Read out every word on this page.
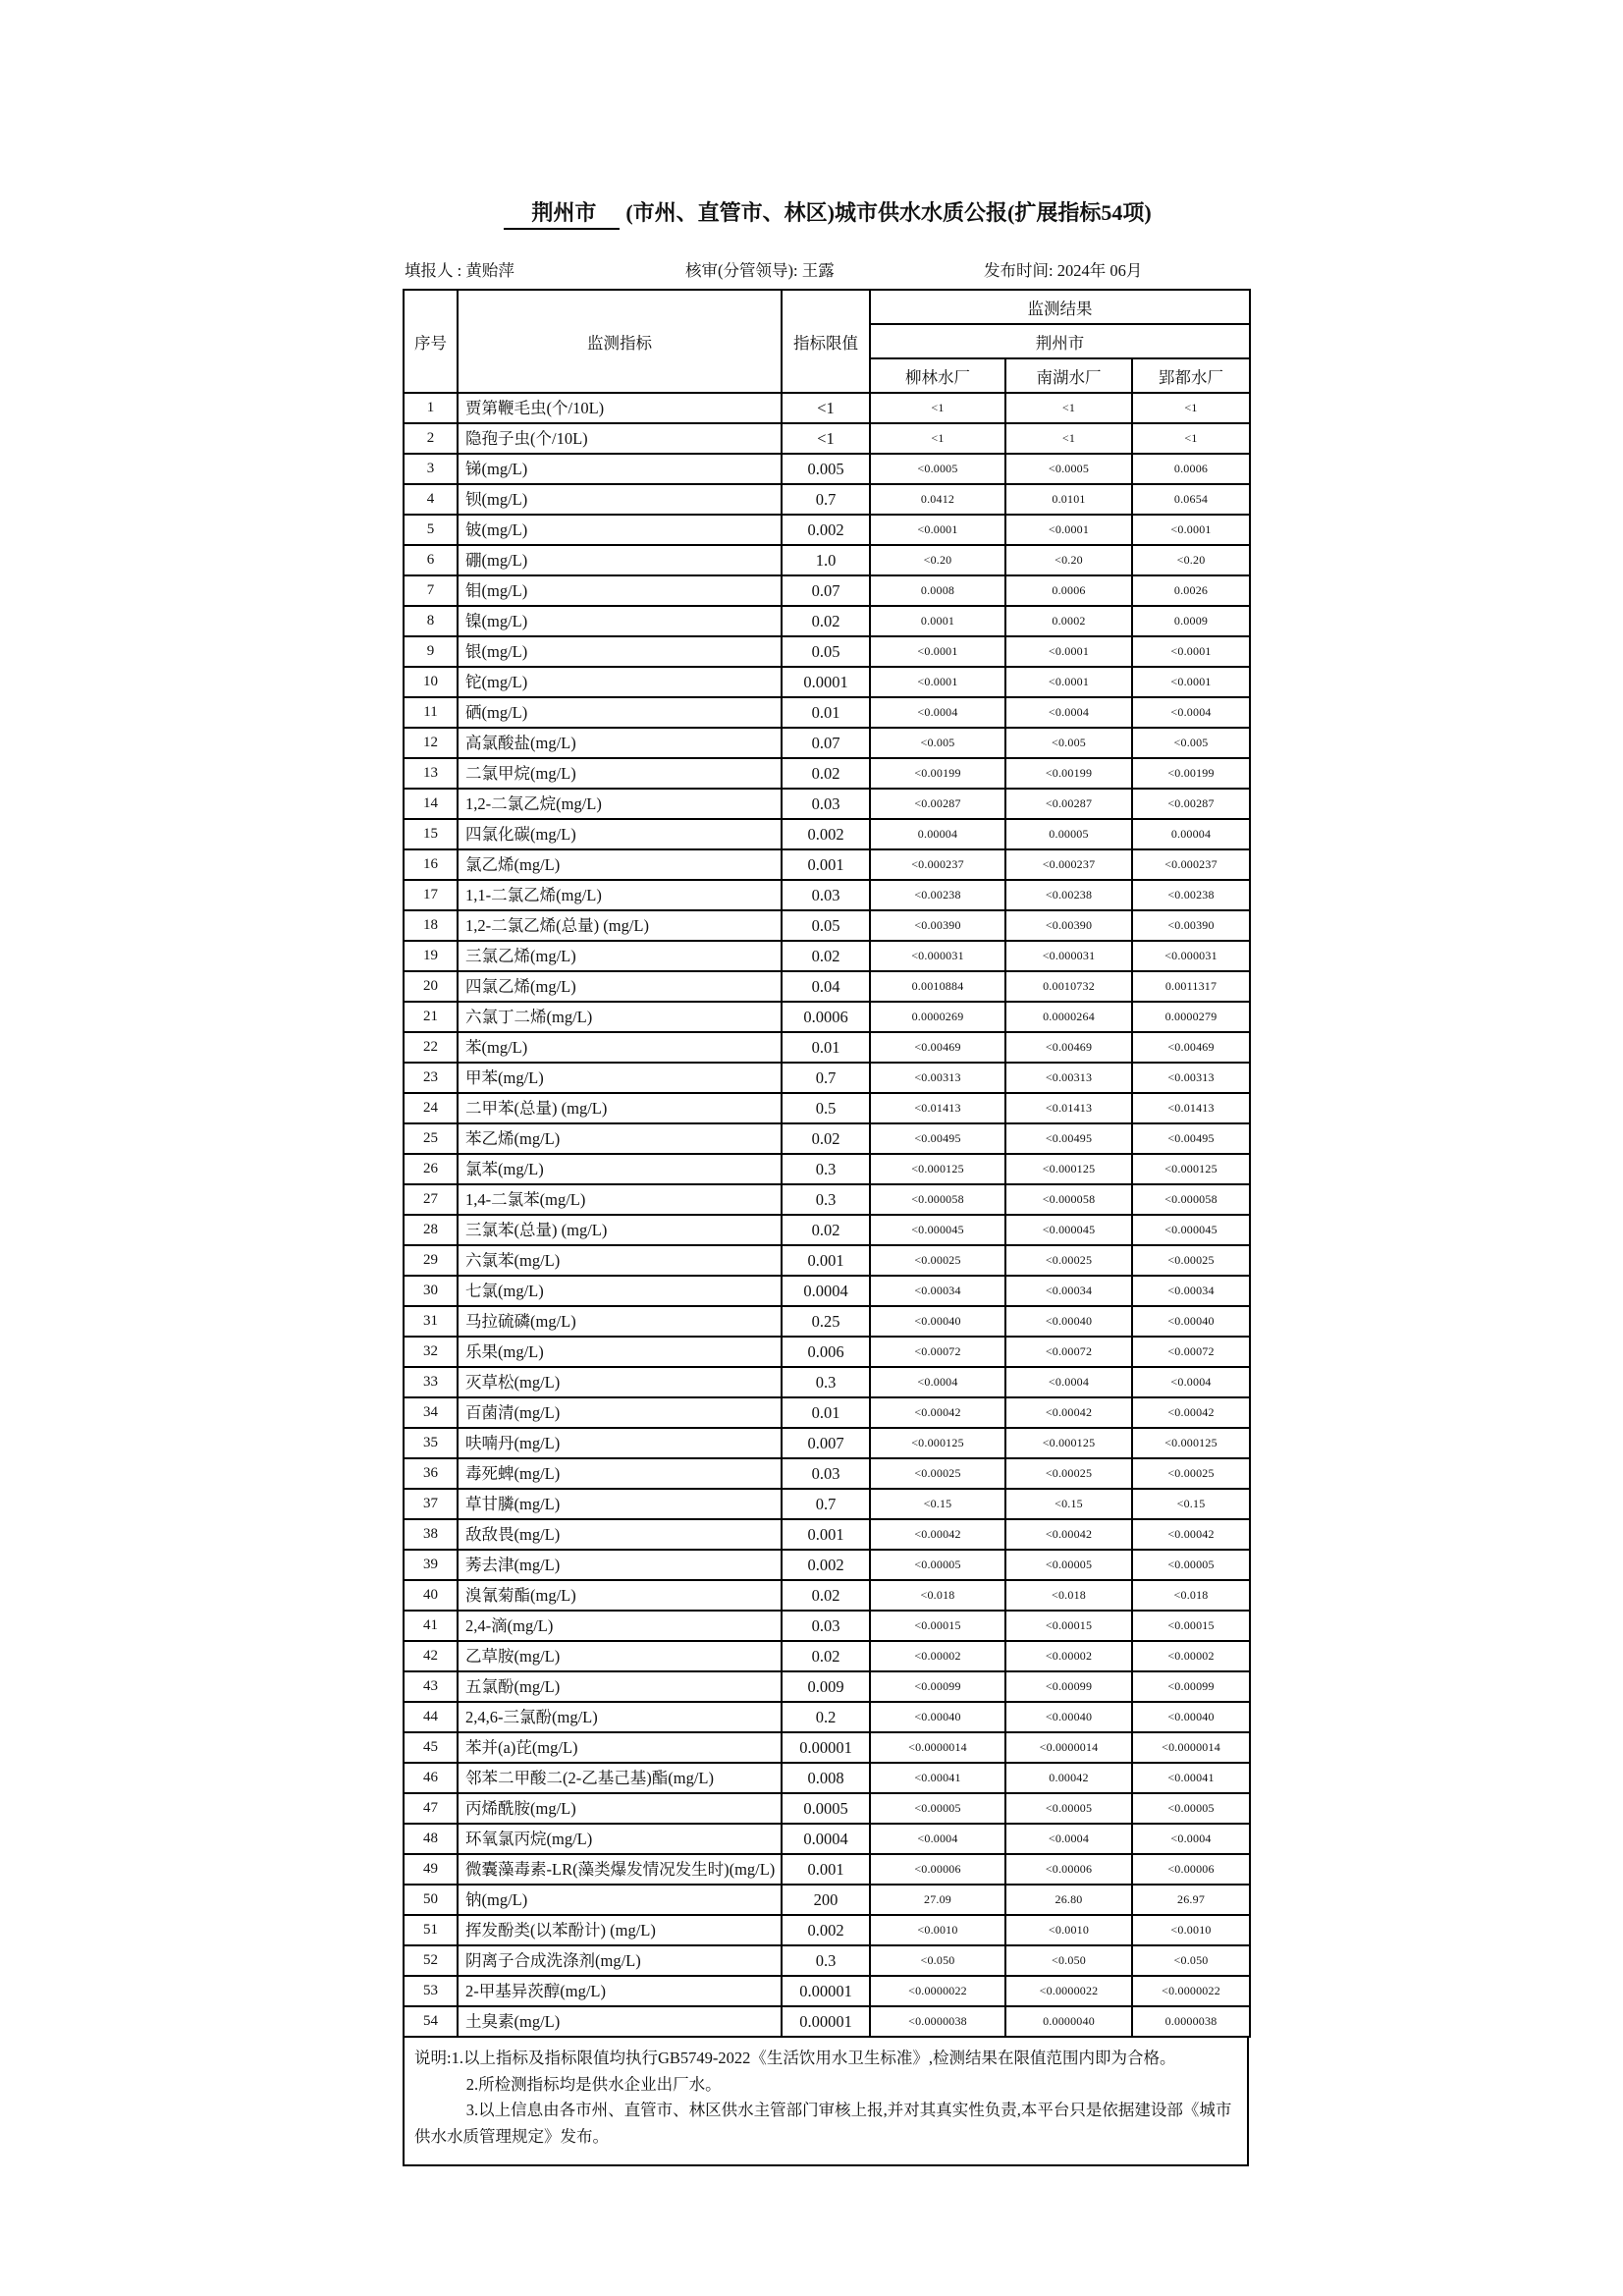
荆州市 (市州、直管市、林区)城市供水水质公报(扩展指标54项)
填报人 : 黄贻萍	核审(分管领导): 王露	发布时间: 2024年 06月
序号	监测指标	指标限值	监测结果		
			荆州市		
			柳林水厂	南湖水厂	郢都水厂
1	贾第鞭毛虫(个/10L)	<1	<1	<1	<1
2	隐孢子虫(个/10L)	<1	<1	<1	<1
3	锑(mg/L)	0.005	<0.0005	<0.0005	0.0006
4	钡(mg/L)	0.7	0.0412	0.0101	0.0654
5	铍(mg/L)	0.002	<0.0001	<0.0001	<0.0001
6	硼(mg/L)	1.0	<0.20	<0.20	<0.20
7	钼(mg/L)	0.07	0.0008	0.0006	0.0026
8	镍(mg/L)	0.02	0.0001	0.0002	0.0009
9	银(mg/L)	0.05	<0.0001	<0.0001	<0.0001
10	铊(mg/L)	0.0001	<0.0001	<0.0001	<0.0001
11	硒(mg/L)	0.01	<0.0004	<0.0004	<0.0004
12	高氯酸盐(mg/L)	0.07	<0.005	<0.005	<0.005
13	二氯甲烷(mg/L)	0.02	<0.00199	<0.00199	<0.00199
14	1,2-二氯乙烷(mg/L)	0.03	<0.00287	<0.00287	<0.00287
15	四氯化碳(mg/L)	0.002	0.00004	0.00005	0.00004
16	氯乙烯(mg/L)	0.001	<0.000237	<0.000237	<0.000237
17	1,1-二氯乙烯(mg/L)	0.03	<0.00238	<0.00238	<0.00238
18	1,2-二氯乙烯(总量) (mg/L)	0.05	<0.00390	<0.00390	<0.00390
19	三氯乙烯(mg/L)	0.02	<0.000031	<0.000031	<0.000031
20	四氯乙烯(mg/L)	0.04	0.0010884	0.0010732	0.0011317
21	六氯丁二烯(mg/L)	0.0006	0.0000269	0.0000264	0.0000279
22	苯(mg/L)	0.01	<0.00469	<0.00469	<0.00469
23	甲苯(mg/L)	0.7	<0.00313	<0.00313	<0.00313
24	二甲苯(总量) (mg/L)	0.5	<0.01413	<0.01413	<0.01413
25	苯乙烯(mg/L)	0.02	<0.00495	<0.00495	<0.00495
26	氯苯(mg/L)	0.3	<0.000125	<0.000125	<0.000125
27	1,4-二氯苯(mg/L)	0.3	<0.000058	<0.000058	<0.000058
28	三氯苯(总量) (mg/L)	0.02	<0.000045	<0.000045	<0.000045
29	六氯苯(mg/L)	0.001	<0.00025	<0.00025	<0.00025
30	七氯(mg/L)	0.0004	<0.00034	<0.00034	<0.00034
31	马拉硫磷(mg/L)	0.25	<0.00040	<0.00040	<0.00040
32	乐果(mg/L)	0.006	<0.00072	<0.00072	<0.00072
33	灭草松(mg/L)	0.3	<0.0004	<0.0004	<0.0004
34	百菌清(mg/L)	0.01	<0.00042	<0.00042	<0.00042
35	呋喃丹(mg/L)	0.007	<0.000125	<0.000125	<0.000125
36	毒死蜱(mg/L)	0.03	<0.00025	<0.00025	<0.00025
37	草甘膦(mg/L)	0.7	<0.15	<0.15	<0.15
38	敌敌畏(mg/L)	0.001	<0.00042	<0.00042	<0.00042
39	莠去津(mg/L)	0.002	<0.00005	<0.00005	<0.00005
40	溴氰菊酯(mg/L)	0.02	<0.018	<0.018	<0.018
41	2,4-滴(mg/L)	0.03	<0.00015	<0.00015	<0.00015
42	乙草胺(mg/L)	0.02	<0.00002	<0.00002	<0.00002
43	五氯酚(mg/L)	0.009	<0.00099	<0.00099	<0.00099
44	2,4,6-三氯酚(mg/L)	0.2	<0.00040	<0.00040	<0.00040
45	苯并(a)芘(mg/L)	0.00001	<0.0000014	<0.0000014	<0.0000014
46	邻苯二甲酸二(2-乙基己基)酯(mg/L)	0.008	<0.00041	0.00042	<0.00041
47	丙烯酰胺(mg/L)	0.0005	<0.00005	<0.00005	<0.00005
48	环氧氯丙烷(mg/L)	0.0004	<0.0004	<0.0004	<0.0004
49	微囊藻毒素-LR(藻类爆发情况发生时)(mg/L)	0.001	<0.00006	<0.00006	<0.00006
50	钠(mg/L)	200	27.09	26.80	26.97
51	挥发酚类(以苯酚计) (mg/L)	0.002	<0.0010	<0.0010	<0.0010
52	阴离子合成洗涤剂(mg/L)	0.3	<0.050	<0.050	<0.050
53	2-甲基异茨醇(mg/L)	0.00001	<0.0000022	<0.0000022	<0.0000022
54	土臭素(mg/L)	0.00001	<0.0000038	0.0000040	0.0000038

说明:1.以上指标及指标限值均执行GB5749-2022《生活饮用水卫生标准》,检测结果在限值范围内即为合格。

2.所检测指标均是供水企业出厂水。

3.以上信息由各市州、直管市、林区供水主管部门审核上报,并对其真实性负责,本平台只是依据建设部《城市供水水质管理规定》发布。
